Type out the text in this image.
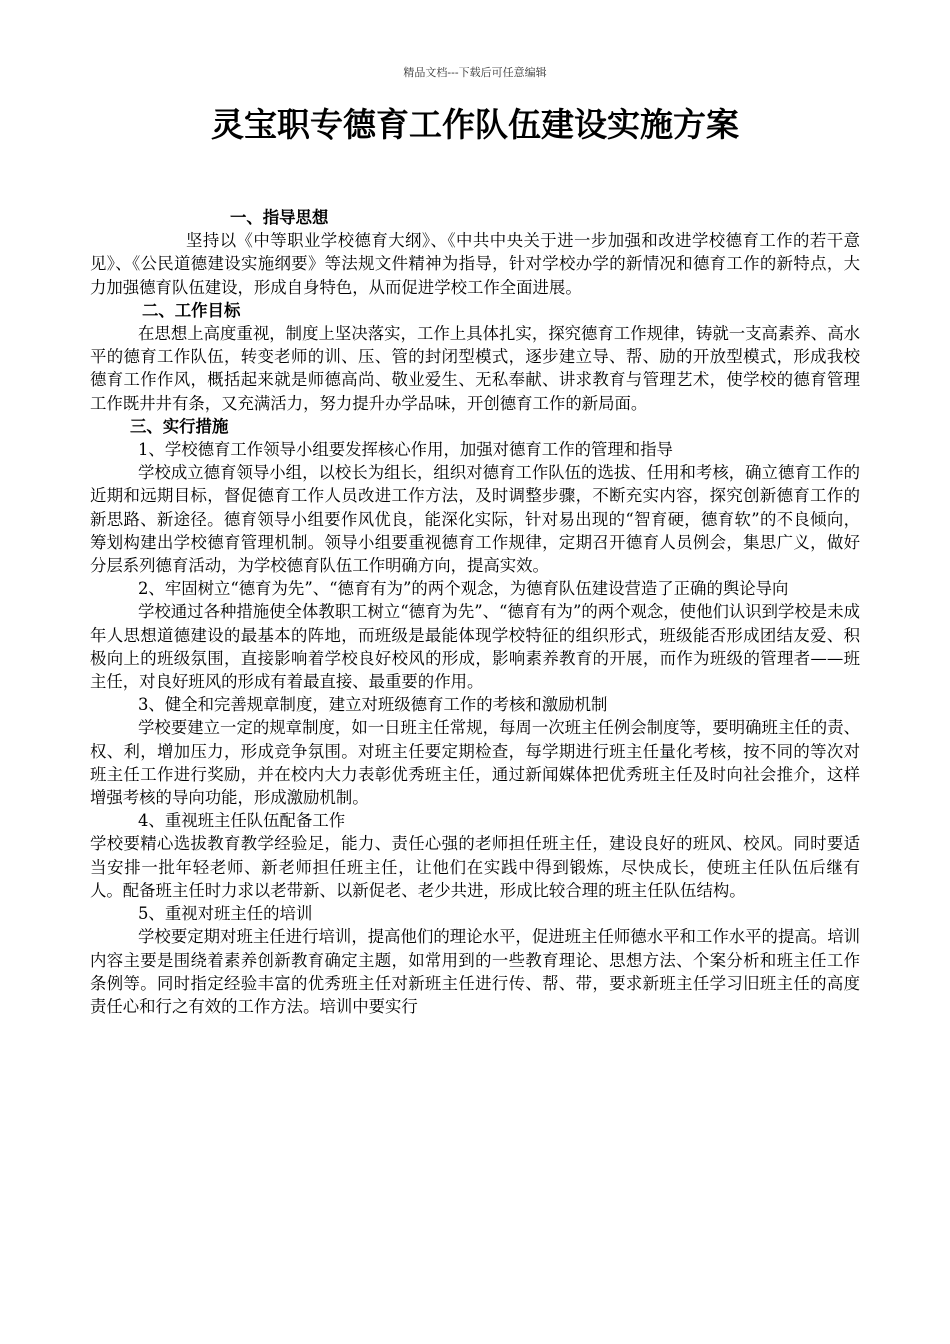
精品文档---下载后可任意编辑
灵宝职专德育工作队伍建设实施方案

一、指导思想

坚持以《中等职业学校德育大纲》、《中共中央关于进一步加强和改进学校德育工作的若干意见》、《公民道德建设实施纲要》等法规文件精神为指导，针对学校办学的新情况和德育工作的新特点，大力加强德育队伍建设，形成自身特色，从而促进学校工作全面进展。

二、工作目标

在思想上高度重视，制度上坚决落实，工作上具体扎实，探究德育工作规律，铸就一支高素养、高水平的德育工作队伍，转变老师的训、压、管的封闭型模式，逐步建立导、帮、励的开放型模式，形成我校德育工作作风，概括起来就是师德高尚、敬业爱生、无私奉献、讲求教育与管理艺术，使学校的德育管理工作既井井有条，又充满活力，努力提升办学品味，开创德育工作的新局面。

三、实行措施

1、学校德育工作领导小组要发挥核心作用，加强对德育工作的管理和指导

学校成立德育领导小组，以校长为组长，组织对德育工作队伍的选拔、任用和考核，确立德育工作的近期和远期目标，督促德育工作人员改进工作方法，及时调整步骤，不断充实内容，探究创新德育工作的新思路、新途径。德育领导小组要作风优良，能深化实际，针对易出现的“智育硬，德育软”的不良倾向，筹划构建出学校德育管理机制。领导小组要重视德育工作规律，定期召开德育人员例会，集思广义，做好分层系列德育活动，为学校德育队伍工作明确方向，提高实效。

2、牢固树立“德育为先”、“德育有为”的两个观念，为德育队伍建设营造了正确的舆论导向

学校通过各种措施使全体教职工树立“德育为先”、“德育有为”的两个观念，使他们认识到学校是未成年人思想道德建设的最基本的阵地，而班级是最能体现学校特征的组织形式，班级能否形成团结友爱、积极向上的班级氛围，直接影响着学校良好校风的形成，影响素养教育的开展，而作为班级的管理者——班主任，对良好班风的形成有着最直接、最重要的作用。

3、健全和完善规章制度，建立对班级德育工作的考核和激励机制

学校要建立一定的规章制度，如一日班主任常规，每周一次班主任例会制度等，要明确班主任的责、权、利，增加压力，形成竞争氛围。对班主任要定期检查，每学期进行班主任量化考核，按不同的等次对班主任工作进行奖励，并在校内大力表彰优秀班主任，通过新闻媒体把优秀班主任及时向社会推介，这样增强考核的导向功能，形成激励机制。

4、重视班主任队伍配备工作

学校要精心选拔教育教学经验足，能力、责任心强的老师担任班主任，建设良好的班风、校风。同时要适当安排一批年轻老师、新老师担任班主任，让他们在实践中得到锻炼，尽快成长，使班主任队伍后继有人。配备班主任时力求以老带新、以新促老、老少共进，形成比较合理的班主任队伍结构。

5、重视对班主任的培训

学校要定期对班主任进行培训，提高他们的理论水平，促进班主任师德水平和工作水平的提高。培训内容主要是围绕着素养创新教育确定主题，如常用到的一些教育理论、思想方法、个案分析和班主任工作条例等。同时指定经验丰富的优秀班主任对新班主任进行传、帮、带，要求新班主任学习旧班主任的高度责任心和行之有效的工作方法。培训中要实行
